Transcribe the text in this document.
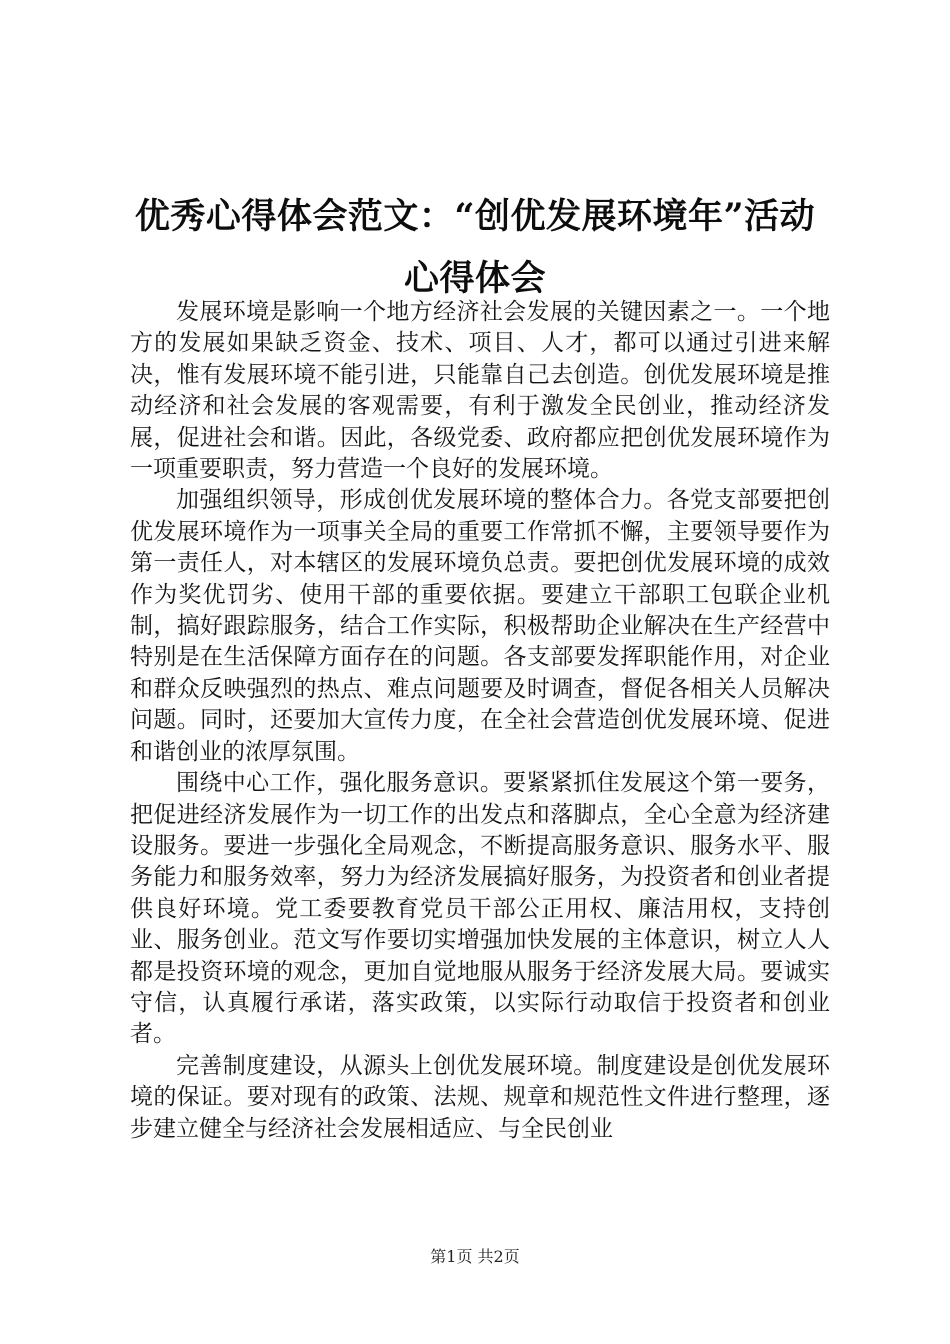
优秀心得体会范文：“创优发展环境年”活动
心得体会

发展环境是影响一个地方经济社会发展的关键因素之一。一个地方的发展如果缺乏资金、技术、项目、人才，都可以通过引进来解决，惟有发展环境不能引进，只能靠自己去创造。创优发展环境是推动经济和社会发展的客观需要，有利于激发全民创业，推动经济发展，促进社会和谐。因此，各级党委、政府都应把创优发展环境作为一项重要职责，努力营造一个良好的发展环境。

加强组织领导，形成创优发展环境的整体合力。各党支部要把创优发展环境作为一项事关全局的重要工作常抓不懈，主要领导要作为第一责任人，对本辖区的发展环境负总责。要把创优发展环境的成效作为奖优罚劣、使用干部的重要依据。要建立干部职工包联企业机制，搞好跟踪服务，结合工作实际，积极帮助企业解决在生产经营中特别是在生活保障方面存在的问题。各支部要发挥职能作用，对企业和群众反映强烈的热点、难点问题要及时调查，督促各相关人员解决问题。同时，还要加大宣传力度，在全社会营造创优发展环境、促进和谐创业的浓厚氛围。

围绕中心工作，强化服务意识。要紧紧抓住发展这个第一要务，把促进经济发展作为一切工作的出发点和落脚点，全心全意为经济建设服务。要进一步强化全局观念，不断提高服务意识、服务水平、服务能力和服务效率，努力为经济发展搞好服务，为投资者和创业者提供良好环境。党工委要教育党员干部公正用权、廉洁用权，支持创业、服务创业。范文写作要切实增强加快发展的主体意识，树立人人都是投资环境的观念，更加自觉地服从服务于经济发展大局。要诚实守信，认真履行承诺，落实政策，以实际行动取信于投资者和创业者。

完善制度建设，从源头上创优发展环境。制度建设是创优发展环境的保证。要对现有的政策、法规、规章和规范性文件进行整理，逐步建立健全与经济社会发展相适应、与全民创业

第1页 共2页
